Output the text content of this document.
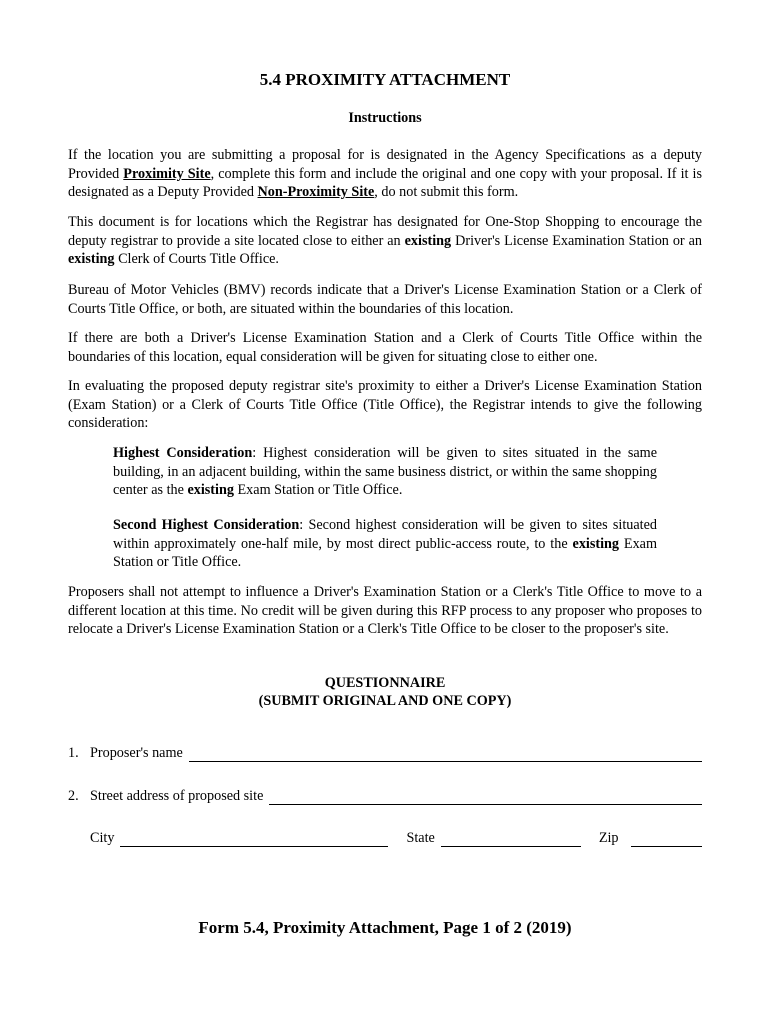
5.4 PROXIMITY ATTACHMENT
Instructions

If the location you are submitting a proposal for is designated in the Agency Specifications as a deputy Provided Proximity Site, complete this form and include the original and one copy with your proposal. If it is designated as a Deputy Provided Non-Proximity Site, do not submit this form.

This document is for locations which the Registrar has designated for One-Stop Shopping to encourage the deputy registrar to provide a site located close to either an existing Driver's License Examination Station or an existing Clerk of Courts Title Office.

Bureau of Motor Vehicles (BMV) records indicate that a Driver's License Examination Station or a Clerk of Courts Title Office, or both, are situated within the boundaries of this location.

If there are both a Driver's License Examination Station and a Clerk of Courts Title Office within the boundaries of this location, equal consideration will be given for situating close to either one.

In evaluating the proposed deputy registrar site's proximity to either a Driver's License Examination Station (Exam Station) or a Clerk of Courts Title Office (Title Office), the Registrar intends to give the following consideration:

Highest Consideration: Highest consideration will be given to sites situated in the same building, in an adjacent building, within the same business district, or within the same shopping center as the existing Exam Station or Title Office.

Second Highest Consideration: Second highest consideration will be given to sites situated within approximately one-half mile, by most direct public-access route, to the existing Exam Station or Title Office.

Proposers shall not attempt to influence a Driver's Examination Station or a Clerk's Title Office to move to a different location at this time. No credit will be given during this RFP process to any proposer who proposes to relocate a Driver's License Examination Station or a Clerk's Title Office to be closer to the proposer's site.

QUESTIONNAIRE

(SUBMIT ORIGINAL AND ONE COPY)

1. Proposer's name
2. Street address of proposed site
City	State	Zip
Form 5.4, Proximity Attachment, Page 1 of 2 (2019)
